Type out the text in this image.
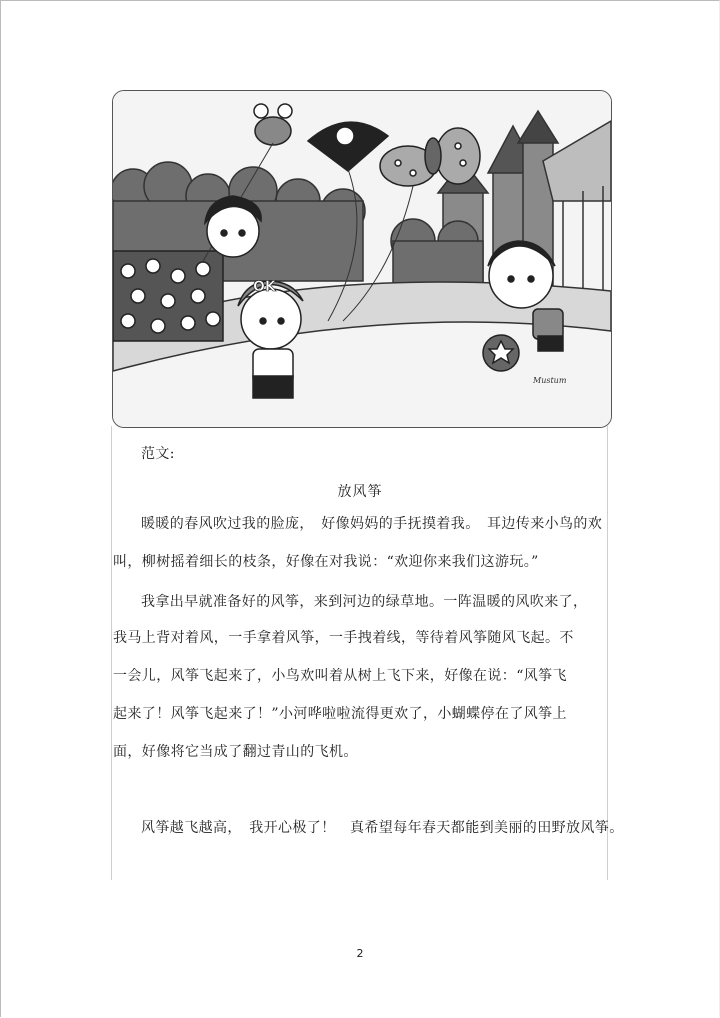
OK
Mustum
范文:
放风筝
暖暖的春风吹过我的脸庞，　好像妈妈的手抚摸着我。　耳边传来小鸟的欢
叫，柳树摇着细长的枝条，好像在对我说：“欢迎你来我们这游玩。”
我拿出早就准备好的风筝，来到河边的绿草地。一阵温暖的风吹来了，
我马上背对着风，一手拿着风筝，一手拽着线，等待着风筝随风飞起。不
一会儿，风筝飞起来了，小鸟欢叫着从树上飞下来，好像在说：“风筝飞
起来了！风筝飞起来了！”小河哗啦啦流得更欢了，小蝴蝶停在了风筝上
面，好像将它当成了翻过青山的飞机。
风筝越飞越高，　我开心极了！　真希望每年春天都能到美丽的田野放风筝。
2
